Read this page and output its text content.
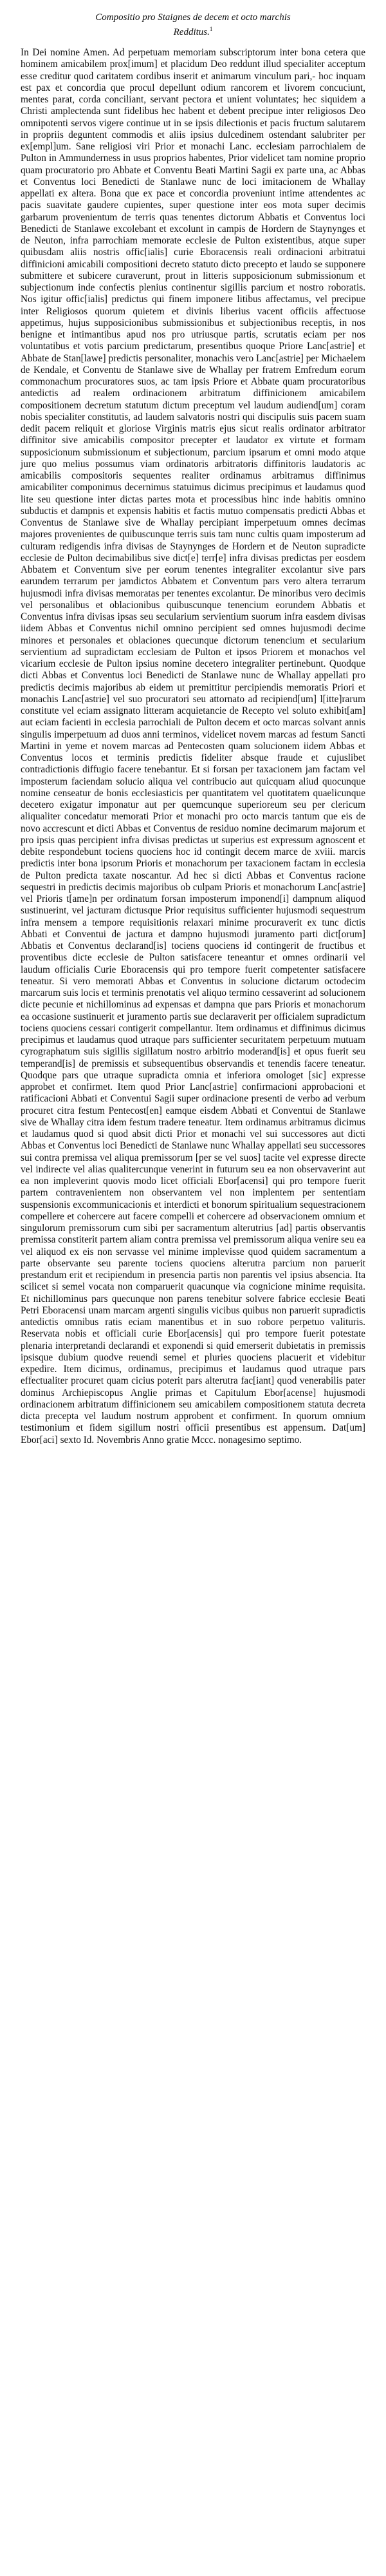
Compositio pro Staignes de decem et octo marchis
Redditus.$^1$

In Dei nomine Amen. Ad perpetuam memoriam subscriptorum inter bona cetera que hominem amicabilem prox[imum] et placidum Deo reddunt illud specialiter acceptum esse creditur quod caritatem cordibus inserit et animarum vinculum pari,- hoc inquam est pax et concordia que procul depellunt odium rancorem et livorem concuciunt, mentes parat, corda conciliant, servant pectora et unient voluntates; hec siquidem a Christi amplectenda sunt fidelibus hec habent et debent precipue inter religiosos Deo omnipotenti servos vigere continue ut in se ipsis dilectionis et pacis fructum salutarem in propriis deguntent commodis et aliis ipsius dulcedinem ostendant salubriter per ex[empl]um. Sane religiosi viri Prior et monachi Lanc. ecclesiam parrochialem de Pulton in Ammunderness in usus proprios habentes, Prior videlicet tam nomine proprio quam procuratorio pro Abbate et Conventu Beati Martini Sagii ex parte una, ac Abbas et Conventus loci Benedicti de Stanlawe nunc de loci imitacionem de Whallay appellati ex altera. Bona que ex pace et concordia proveniunt intime attendentes ac pacis suavitate gaudere cupientes, super questione inter eos mota super decimis garbarum provenientum de terris quas tenentes dictorum Abbatis et Conventus loci Benedicti de Stanlawe excolebant et excolunt in campis de Hordern de Staynynges et de Neuton, infra parrochiam memorate ecclesie de Pulton existentibus, atque super quibusdam aliis nostris offic[ialis] curie Eboracensis reali ordinacioni arbitratui diffinicioni amicabili compositioni decreto statuto dicto precepto et laudo se supponere submittere et subicere curaverunt, prout in litteris supposicionum submissionum et subjectionum inde confectis plenius continentur sigillis parcium et nostro roboratis. Nos igitur offic[ialis] predictus qui finem imponere litibus affectamus, vel precipue inter Religiosos quorum quietem et divinis liberius vacent officiis affectuose appetimus, hujus supposicionibus submissionibus et subjectionibus receptis, in nos benigne et intimantibus apud nos pro utriusque partis, scrutatis eciam per nos voluntatibus et votis parcium predictarum, presentibus quoque Priore Lanc[astrie] et Abbate de Stan[lawe] predictis personaliter, monachis vero Lanc[astrie] per Michaelem de Kendale, et Conventu de Stanlawe sive de Whallay per fratrem Emfredum eorum commonachum procuratores suos, ac tam ipsis Priore et Abbate quam procuratoribus antedictis ad realem ordinacionem arbitratum diffinicionem amicabilem compositionem decretum statutum dictum preceptum vel laudum audiend[um] coram nobis specialiter constitutis, ad laudem salvatoris nostri qui discipulis suis pacem suam dedit pacem reliquit et gloriose Virginis matris ejus sicut realis ordinator arbitrator diffinitor sive amicabilis compositor precepter et laudator ex virtute et formam supposicionum submissionum et subjectionum, parcium ipsarum et omni modo atque jure quo melius possumus viam ordinatoris arbitratoris diffinitoris laudatoris ac amicabilis compositoris sequentes realiter ordinamus arbitramus diffinimus amicabiliter componimus decernimus statuimus dicimus precipimus et laudamus quod lite seu questione inter dictas partes mota et processibus hinc inde habitis omnino subductis et dampnis et expensis habitis et factis mutuo compensatis predicti Abbas et Conventus de Stanlawe sive de Whallay percipiant imperpetuum omnes decimas majores provenientes de quibuscunque terris suis tam nunc cultis quam imposterum ad culturam redigendis infra divisas de Staynynges de Hordern et de Neuton supradicte ecclesie de Pulton decimabilibus sive dict[e] terr[e] infra divisas predictas per eosdem Abbatem et Conventum sive per eorum tenentes integraliter excolantur sive pars earundem terrarum per jamdictos Abbatem et Conventum pars vero altera terrarum hujusmodi infra divisas memoratas per tenentes excolantur. De minoribus vero decimis vel personalibus et oblacionibus quibuscunque tenencium eorundem Abbatis et Conventus infra divisas ipsas seu secularium servientium suorum infra easdem divisas iidem Abbas et Conventus nichil omnino percipient sed omnes hujusmodi decime minores et personales et oblaciones quecunque dictorum tenencium et secularium servientium ad supradictam ecclesiam de Pulton et ipsos Priorem et monachos vel vicarium ecclesie de Pulton ipsius nomine decetero integraliter pertinebunt. Quodque dicti Abbas et Conventus loci Benedicti de Stanlawe nunc de Whallay appellati pro predictis decimis majoribus ab eidem ut premittitur percipiendis memoratis Priori et monachis Lanc[astrie] vel suo procuratori seu attornato ad recipiend[um] l[itte]rarum constitute vel eciam assignato litteram acquietancie de Recepto vel soluto exhibit[am] aut eciam facienti in ecclesia parrochiali de Pulton decem et octo marcas solvant annis singulis imperpetuum ad duos anni terminos, videlicet novem marcas ad festum Sancti Martini in yeme et novem marcas ad Pentecosten quam solucionem iidem Abbas et Conventus locos et terminis predictis fideliter absque fraude et cujuslibet contradictionis diffugio facere tenebantur. Et si forsan per taxacionem jam factam vel imposterum faciendam solucio aliqua vel contribucio aut quicquam aliud quocunque nomine censeatur de bonis ecclesiasticis per quantitatem vel quotitatem quaelicunque decetero exigatur imponatur aut per quemcunque superioreum seu per clericum aliqualiter concedatur memorati Prior et monachi pro octo marcis tantum que eis de novo accrescunt et dicti Abbas et Conventus de residuo nomine decimarum majorum et pro ipsis quas percipient infra divisas predictas ut superius est expressum agnoscent et debite respondebunt tociens quociens hoc id contingit decem marce de xviii. marcis predictis inter bona ipsorum Prioris et monachorum per taxacionem factam in ecclesia de Pulton predicta taxate noscantur. Ad hec si dicti Abbas et Conventus racione sequestri in predictis decimis majoribus ob culpam Prioris et monachorum Lanc[astrie] vel Prioris t[ame]n per ordinatum forsan imposterum imponend[i] dampnum aliquod sustinuerint, vel jacturam dictusque Prior requisitus sufficienter hujusmodi sequestrum infra mensem a tempore requisitionis relaxari minime procuraverit ex tunc dictis Abbati et Conventui de jactura et dampno hujusmodi juramento parti dict[orum] Abbatis et Conventus declarand[is] tociens quociens id contingerit de fructibus et proventibus dicte ecclesie de Pulton satisfacere teneantur et omnes ordinarii vel laudum officialis Curie Eboracensis qui pro tempore fuerit competenter satisfacere teneatur. Si vero memorati Abbas et Conventus in solucione dictarum octodecim marcarum suis locis et terminis prenotatis vel aliquo termino cessaverint ad solucionem dicte pecunie et nichillominus ad expensas et dampna que pars Prioris et monachorum ea occasione sustinuerit et juramento partis sue declaraverit per officialem supradictum tociens quociens cessari contigerit compellantur. Item ordinamus et diffinimus dicimus precipimus et laudamus quod utraque pars sufficienter securitatem perpetuum mutuam cyrographatum suis sigillis sigillatum nostro arbitrio moderand[is] et opus fuerit seu temperand[is] de premissis et subsequentibus observandis et tenendis facere teneatur. Quodque pars que utraque supradicta omnia et inferiora omologet [sic] expresse approbet et confirmet. Item quod Prior Lanc[astrie] confirmacioni approbacioni et ratificacioni Abbati et Conventui Sagii super ordinacione presenti de verbo ad verbum procuret citra festum Pentecost[en] eamque eisdem Abbati et Conventui de Stanlawe sive de Whallay citra idem festum tradere teneatur. Item ordinamus arbitramus dicimus et laudamus quod si quod absit dicti Prior et monachi vel sui successores aut dicti Abbas et Conventus loci Benedicti de Stanlawe nunc Whallay appellati seu successores sui contra premissa vel aliqua premissorum [per se vel suos] tacite vel expresse directe vel indirecte vel alias qualitercunque venerint in futurum seu ea non observaverint aut ea non impleverint quovis modo licet officiali Ebor[acensi] qui pro tempore fuerit partem contravenientem non observantem vel non implentem per sententiam suspensionis excommunicacionis et interdicti et bonorum spiritualium sequestracionem compellere et cohercere aut facere compelli et cohercere ad observacionem omnium et singulorum premissorum cum sibi per sacramentum alterutrius [ad] partis observantis premissa constiterit partem aliam contra premissa vel premissorum aliqua venire seu ea vel aliquod ex eis non servasse vel minime implevisse quod quidem sacramentum a parte observante seu parente tociens quociens alterutra parcium non paruerit prestandum erit et recipiendum in presencia partis non parentis vel ipsius absencia. Ita scilicet si semel vocata non comparuerit quacunque via cognicione minime requisita. Et nichillominus pars quecunque non parens tenebitur solvere fabrice ecclesie Beati Petri Eboracensi unam marcam argenti singulis vicibus quibus non paruerit supradictis antedictis omnibus ratis eciam manentibus et in suo robore perpetuo valituris. Reservata nobis et officiali curie Ebor[acensis] qui pro tempore fuerit potestate plenaria interpretandi declarandi et exponendi si quid emerserit dubietatis in premissis ipsisque dubium quodve reuendi semel et pluries quociens placuerit et videbitur expedire. Item dicimus, ordinamus, precipimus et laudamus quod utraque pars effectualiter procuret quam cicius poterit pars alterutra fac[iant] quod venerabilis pater dominus Archiepiscopus Anglie primas et Capitulum Ebor[acense] hujusmodi ordinacionem arbitratum diffinicionem seu amicabilem compositionem statuta decreta dicta precepta vel laudum nostrum approbent et confirment. In quorum omnium testimonium et fidem sigillum nostri officii presentibus est appensum. Dat[um] Ebor[aci] sexto Id. Novembris Anno gratie Mccc. nonagesimo septimo.
